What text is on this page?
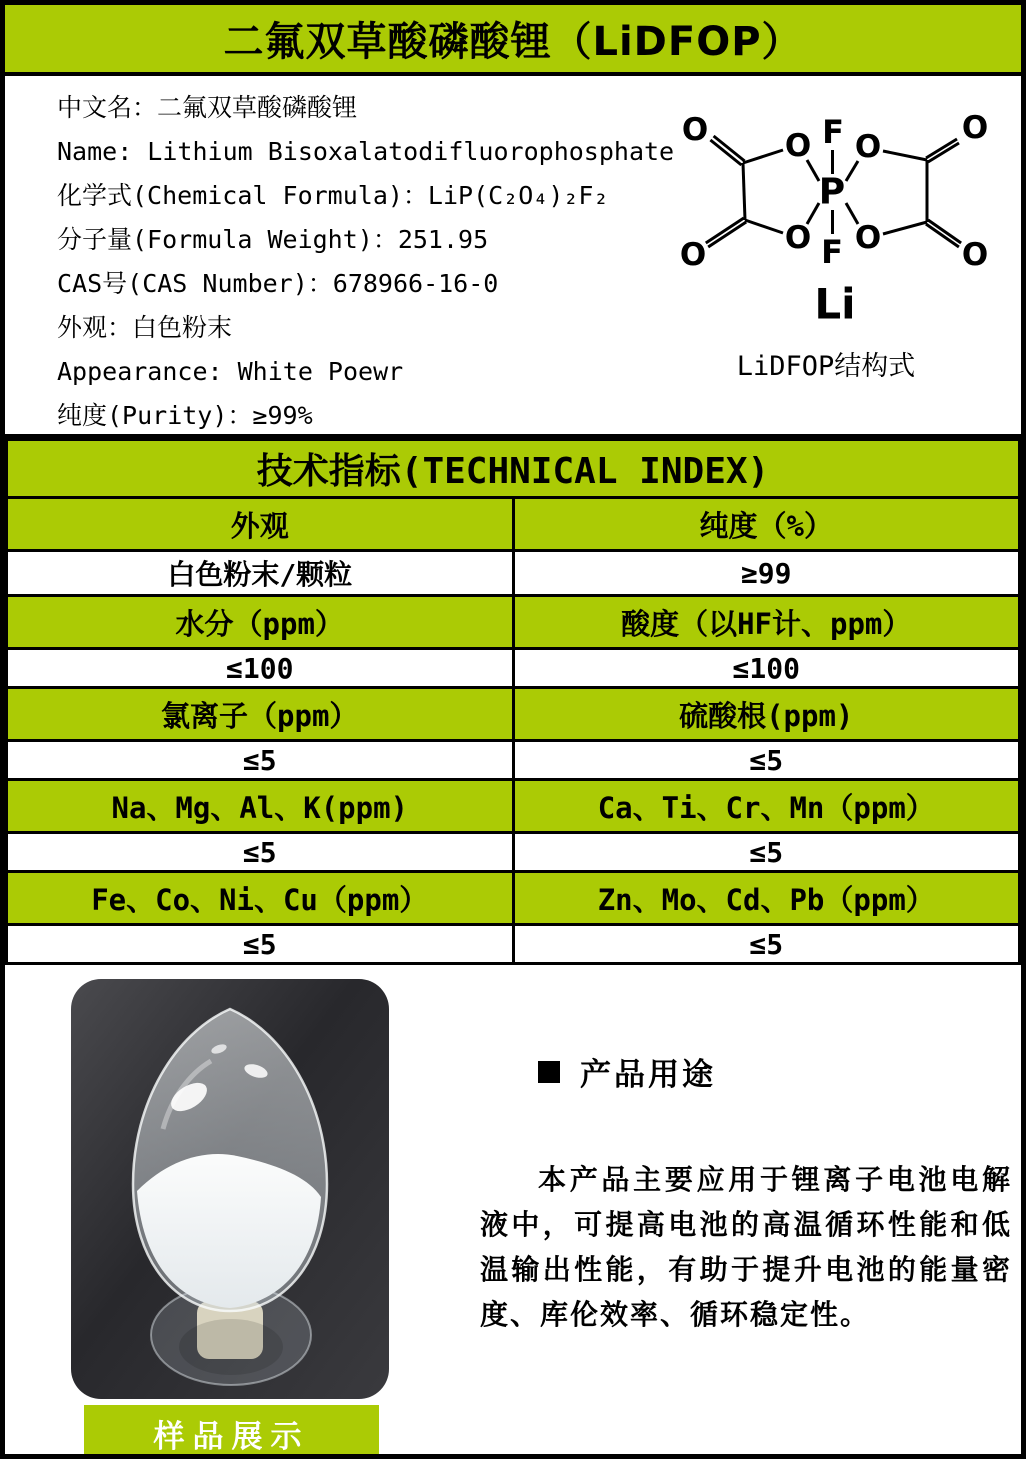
二氟双草酸磷酸锂（LiDFOP）
中文名：二氟双草酸磷酸锂
Name: Lithium Bisoxalatodifluorophosphate
化学式(Chemical Formula)：LiP(C₂O₄)₂F₂
分子量(Formula Weight)：251.95
CAS号(CAS Number)：678966-16-0
外观：白色粉末
Appearance: White Poewr
纯度(Purity)：≥99%
P
F
F
O O
O O
O	O
O	O
Li
LiDFOP结构式
技术指标(TECHNICAL INDEX)	
外观	纯度（%）
白色粉末/颗粒	≥99
水分（ppm）	酸度（以HF计、ppm）
≤100	≤100
氯离子（ppm）	硫酸根(ppm)
≤5	≤5
Na、Mg、Al、K(ppm)	Ca、Ti、Cr、Mn（ppm）
≤5	≤5
Fe、Co、Ni、Cu（ppm）	Zn、Mo、Cd、Pb（ppm）
≤5	≤5
样品展示
产品用途

本产品主要应用于锂离子电池电解液中，可提高电池的高温循环性能和低温输出性能，有助于提升电池的能量密度、库伦效率、循环稳定性。
